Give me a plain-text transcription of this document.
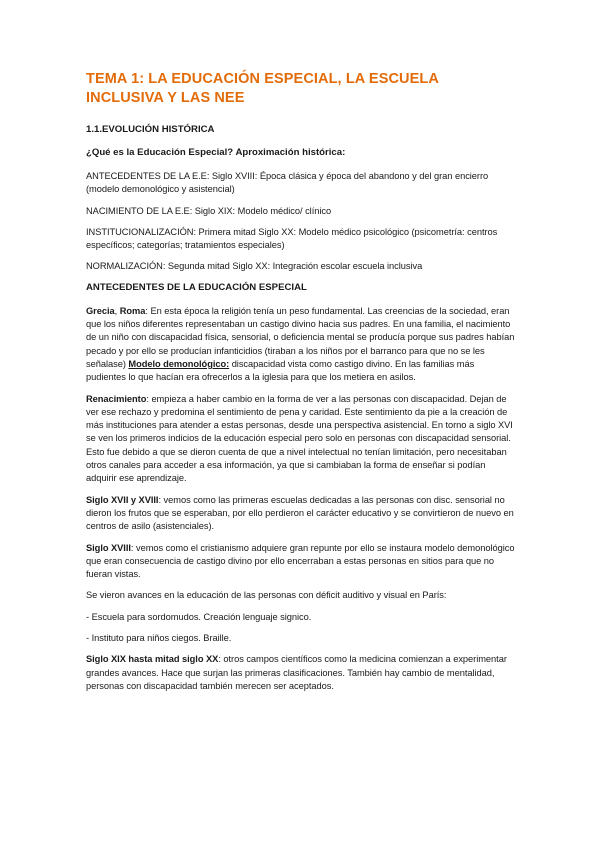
TEMA 1: LA EDUCACIÓN ESPECIAL, LA ESCUELA INCLUSIVA Y LAS NEE
1.1.EVOLUCIÓN HISTÓRICA
¿Qué es la Educación Especial? Aproximación histórica:

ANTECEDENTES DE LA E.E: Siglo XVIII: Época clásica y época del abandono y del gran encierro (modelo demonológico y asistencial)

NACIMIENTO DE LA E.E: Siglo XIX: Modelo médico/ clínico

INSTITUCIONALIZACIÓN: Primera mitad Siglo XX: Modelo médico psicológico (psicometría: centros específicos; categorías; tratamientos especiales)

NORMALIZACIÓN: Segunda mitad Siglo XX: Integración escolar escuela inclusiva

ANTECEDENTES DE LA EDUCACIÓN ESPECIAL

Grecia, Roma: En esta época la religión tenía un peso fundamental. Las creencias de la sociedad, eran que los niños diferentes representaban un castigo divino hacia sus padres. En una familia, el nacimiento de un niño con discapacidad física, sensorial, o deficiencia mental se producía porque sus padres habían pecado y por ello se producían infanticidios (tiraban a los niños por el barranco para que no se les señalase) Modelo demonológico: discapacidad vista como castigo divino. En las familias más pudientes lo que hacían era ofrecerlos a la iglesia para que los metiera en asilos.

Renacimiento: empieza a haber cambio en la forma de ver a las personas con discapacidad. Dejan de ver ese rechazo y predomina el sentimiento de pena y caridad. Este sentimiento da pie a la creación de más instituciones para atender a estas personas, desde una perspectiva asistencial. En torno a siglo XVI se ven los primeros indicios de la educación especial pero solo en personas con discapacidad sensorial. Esto fue debido a que se dieron cuenta de que a nivel intelectual no tenían limitación, pero necesitaban otros canales para acceder a esa información, ya que si cambiaban la forma de enseñar si podían adquirir ese aprendizaje.

Siglo XVII y XVIII: vemos como las primeras escuelas dedicadas a las personas con disc. sensorial no dieron los frutos que se esperaban, por ello perdieron el carácter educativo y se convirtieron de nuevo en centros de asilo (asistenciales).

Siglo XVIII: vemos como el cristianismo adquiere gran repunte por ello se instaura modelo demonológico que eran consecuencia de castigo divino por ello encerraban a estas personas en sitios para que no fueran vistas.

Se vieron avances en la educación de las personas con déficit auditivo y visual en París:

- Escuela para sordomudos. Creación lenguaje signico.

- Instituto para niños ciegos. Braille.

Siglo XIX hasta mitad siglo XX: otros campos científicos como la medicina comienzan a experimentar grandes avances. Hace que surjan las primeras clasificaciones. También hay cambio de mentalidad, personas con discapacidad también merecen ser aceptados.
